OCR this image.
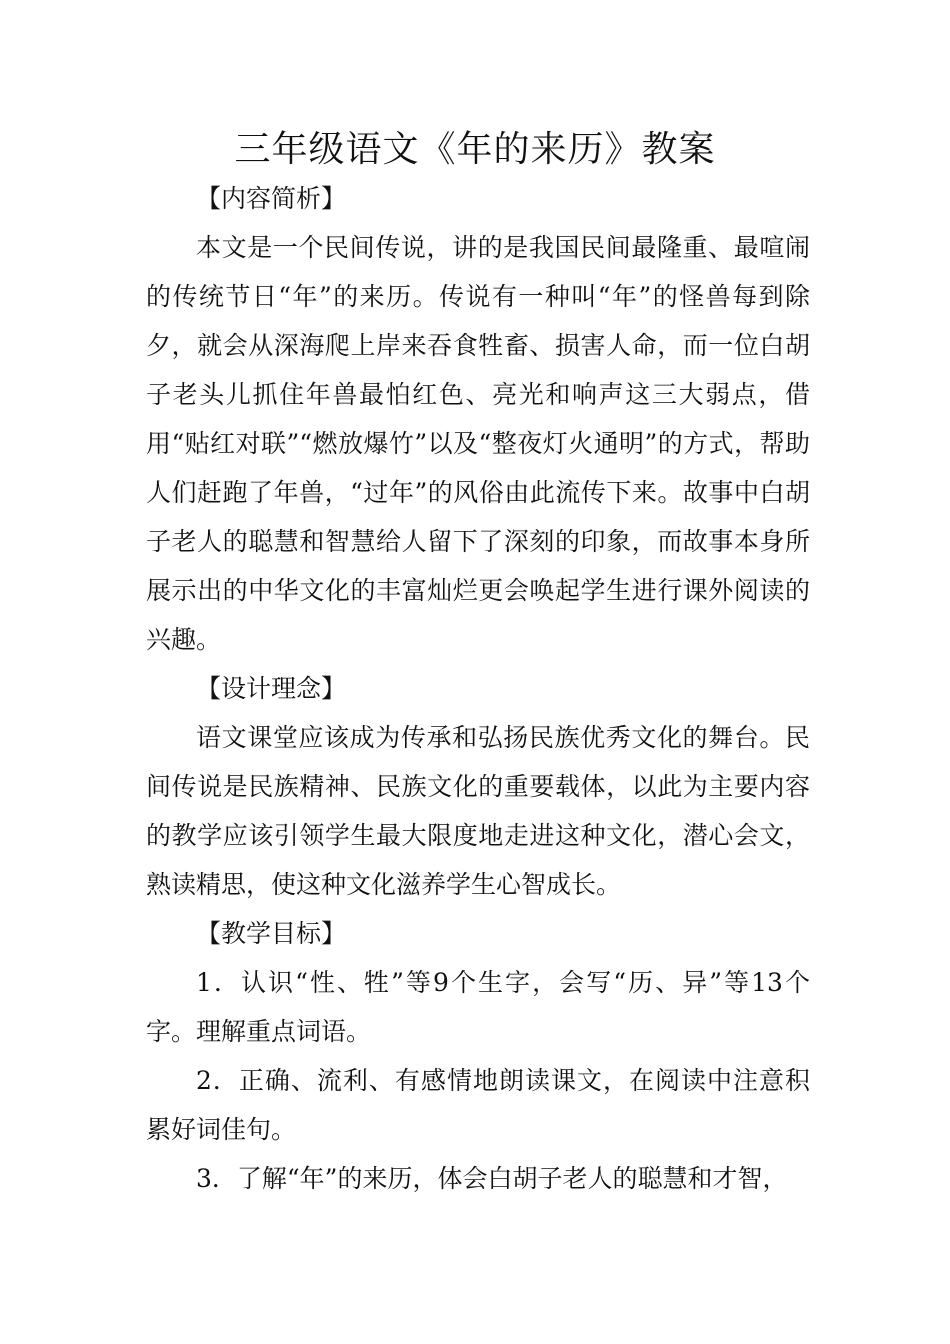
三年级语文《年的来历》教案

【内容简析】

本文是一个民间传说，讲的是我国民间最隆重、最喧闹的传统节日“年”的来历。传说有一种叫“年”的怪兽每到除夕，就会从深海爬上岸来吞食牲畜、损害人命，而一位白胡子老头儿抓住年兽最怕红色、亮光和响声这三大弱点，借用“贴红对联”“燃放爆竹”以及“整夜灯火通明”的方式，帮助人们赶跑了年兽，“过年”的风俗由此流传下来。故事中白胡子老人的聪慧和智慧给人留下了深刻的印象，而故事本身所展示出的中华文化的丰富灿烂更会唤起学生进行课外阅读的兴趣。

【设计理念】

语文课堂应该成为传承和弘扬民族优秀文化的舞台。民间传说是民族精神、民族文化的重要载体，以此为主要内容的教学应该引领学生最大限度地走进这种文化，潜心会文，熟读精思，使这种文化滋养学生心智成长。

【教学目标】

1．认识“性、牲”等9个生字，会写“历、异”等13个字。理解重点词语。

2．正确、流利、有感情地朗读课文，在阅读中注意积累好词佳句。

3．了解“年”的来历，体会白胡子老人的聪慧和才智，
